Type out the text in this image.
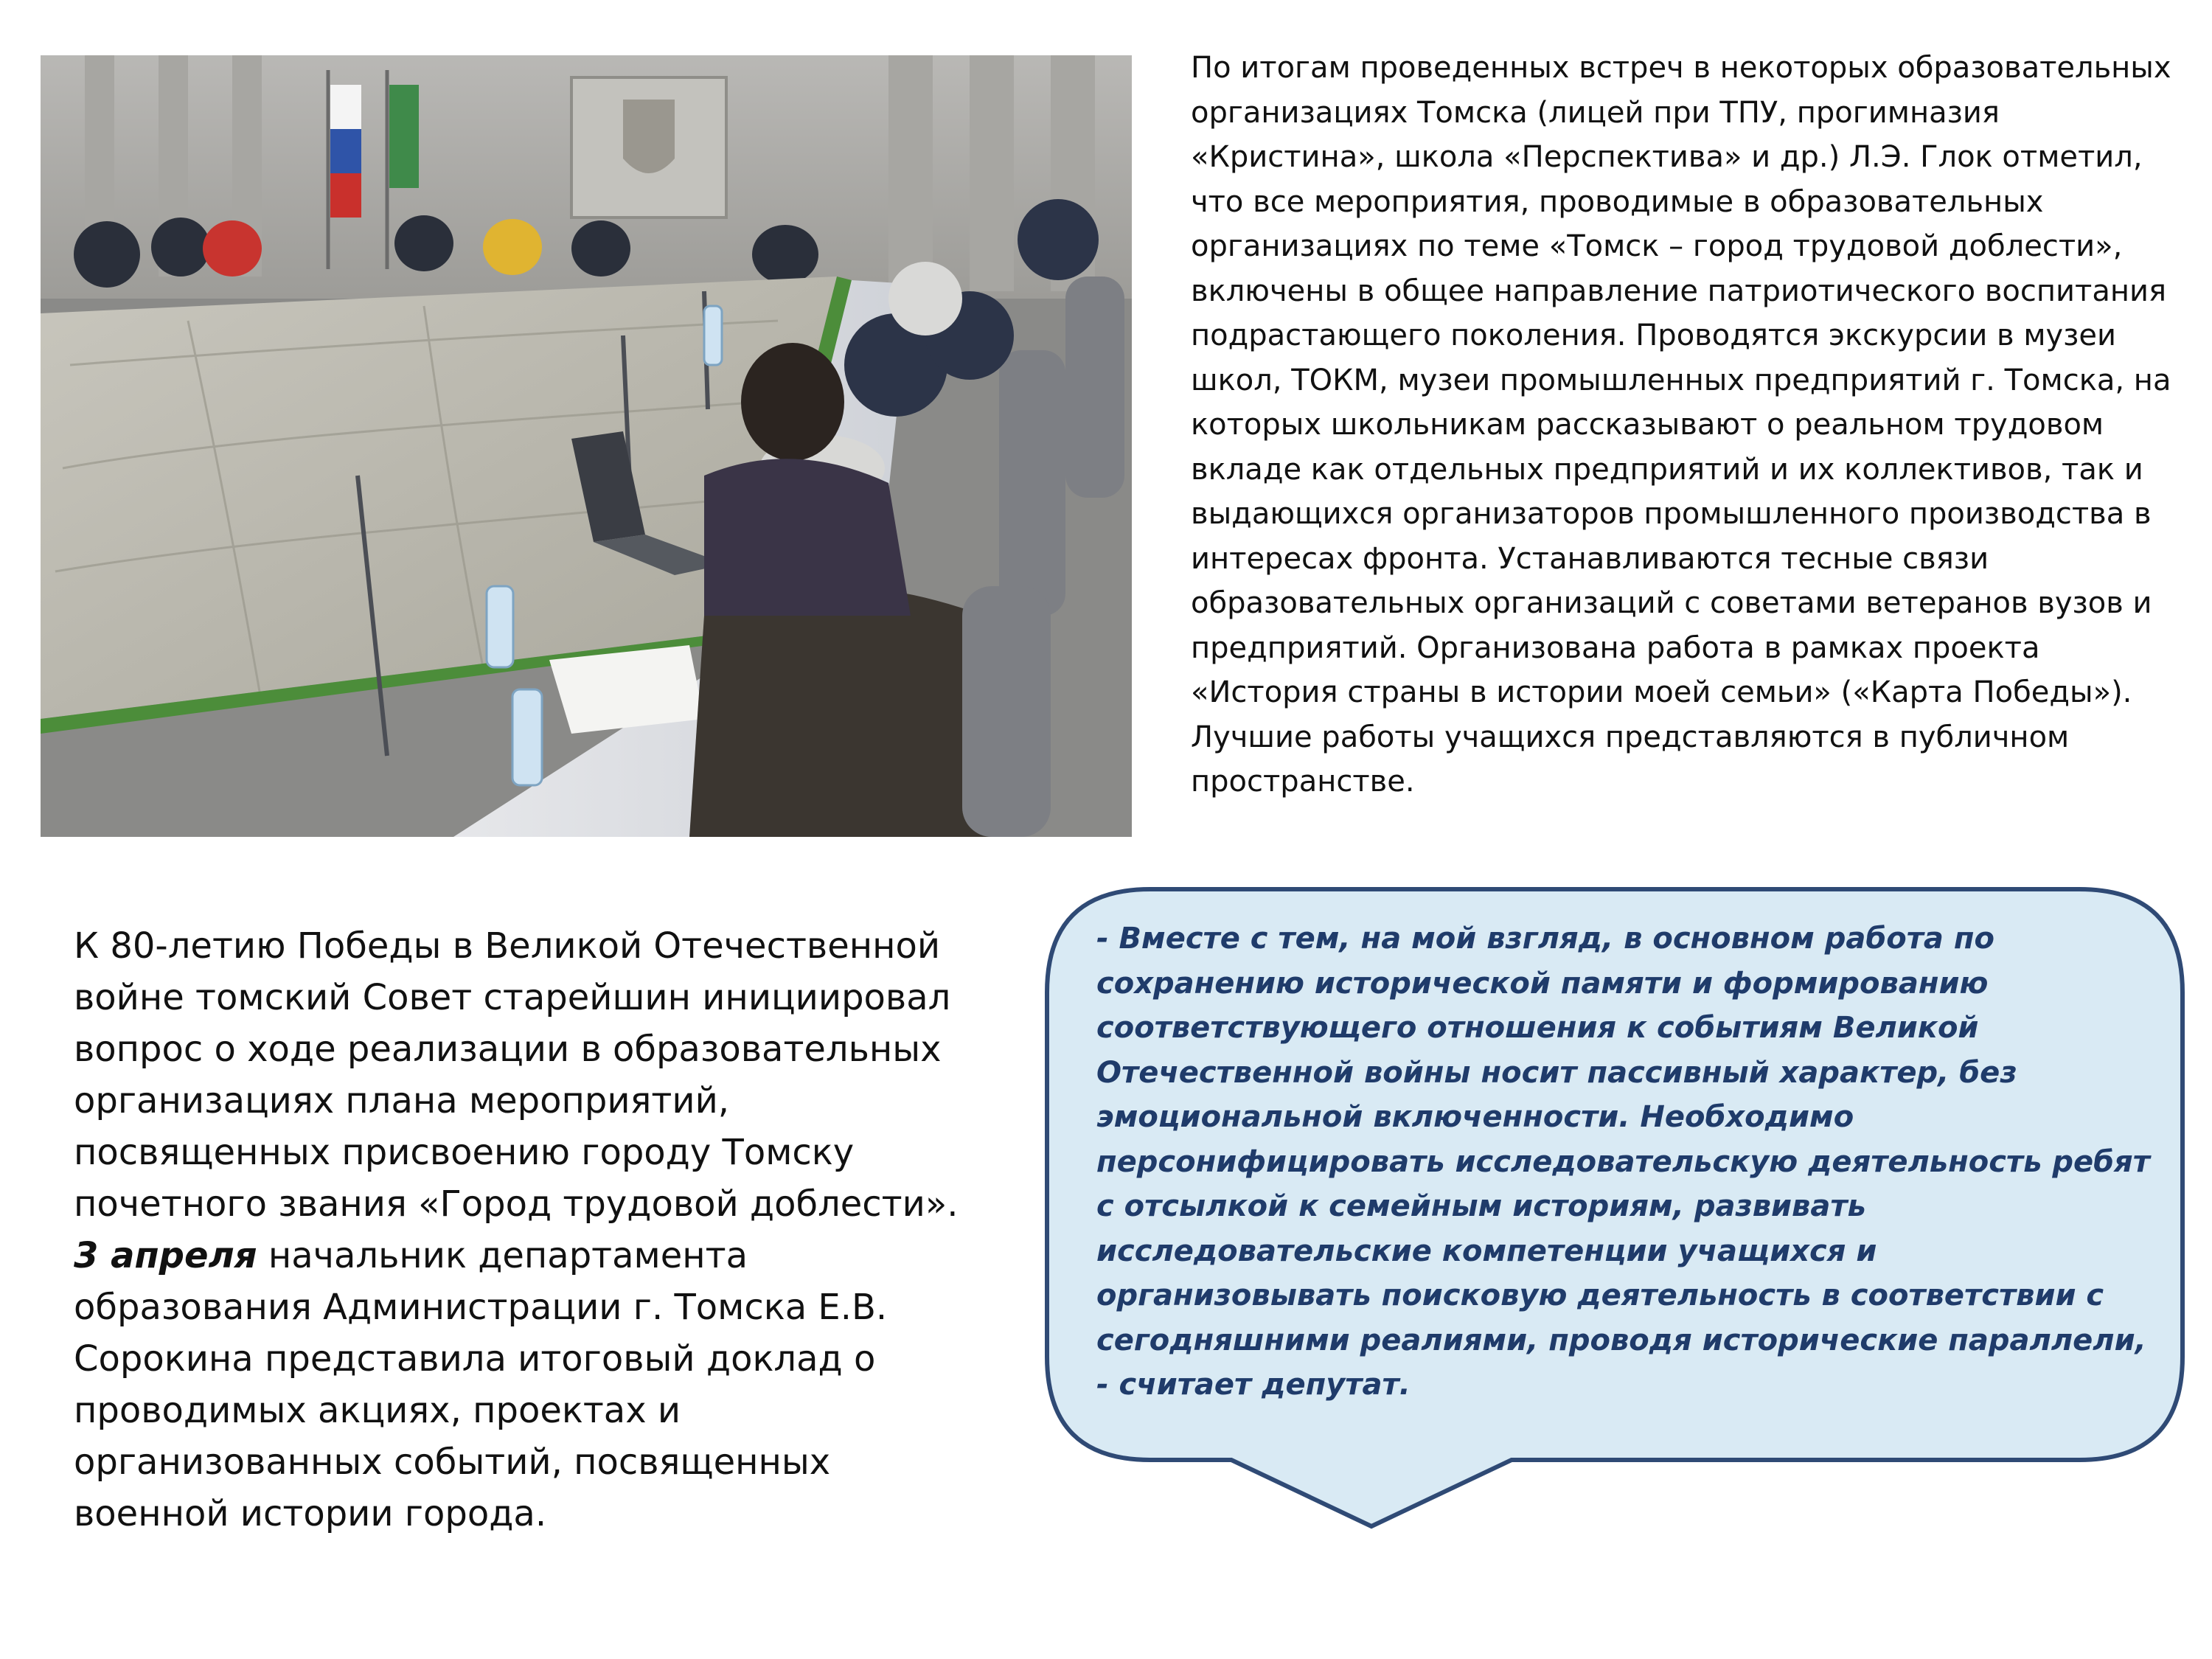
По итогам проведенных встреч в некоторых образовательных организациях Томска (лицей при ТПУ, прогимназия «Кристина», школа «Перспектива» и др.) Л.Э. Глок отметил, что все мероприятия, проводимые в образовательных организациях по теме «Томск – город трудовой доблести», включены в общее направление патриотического воспитания подрастающего поколения. Проводятся экскурсии в музеи школ, ТОКМ, музеи промышленных предприятий г. Томска, на которых школьникам рассказывают о реальном трудовом вкладе как отдельных предприятий и их коллективов, так и выдающихся организаторов промышленного производства в интересах фронта. Устанавливаются тесные связи образовательных организаций с советами ветеранов вузов и предприятий. Организована работа в рамках проекта «История страны в истории моей семьи» («Карта Победы»). Лучшие работы учащихся представляются в публичном пространстве.

К 80-летию Победы в Великой Отечественной войне томский Совет старейшин инициировал вопрос о ходе реализации в образовательных организациях плана мероприятий, посвященных присвоению городу Томску почетного звания «Город трудовой доблести».
3 апреля начальник департамента образования Администрации г. Томска Е.В. Сорокина представила итоговый доклад о проводимых акциях, проектах и организованных событий, посвященных военной истории города.

- Вместе с тем, на мой взгляд, в основном работа по сохранению исторической памяти и формированию соответствующего отношения к событиям Великой Отечественной войны носит пассивный характер, без эмоциональной включенности. Необходимо персонифицировать исследовательскую деятельность ребят с отсылкой к семейным историям, развивать исследовательские компетенции учащихся и организовывать поисковую деятельность в соответствии с сегодняшними реалиями, проводя исторические параллели, - считает депутат.
